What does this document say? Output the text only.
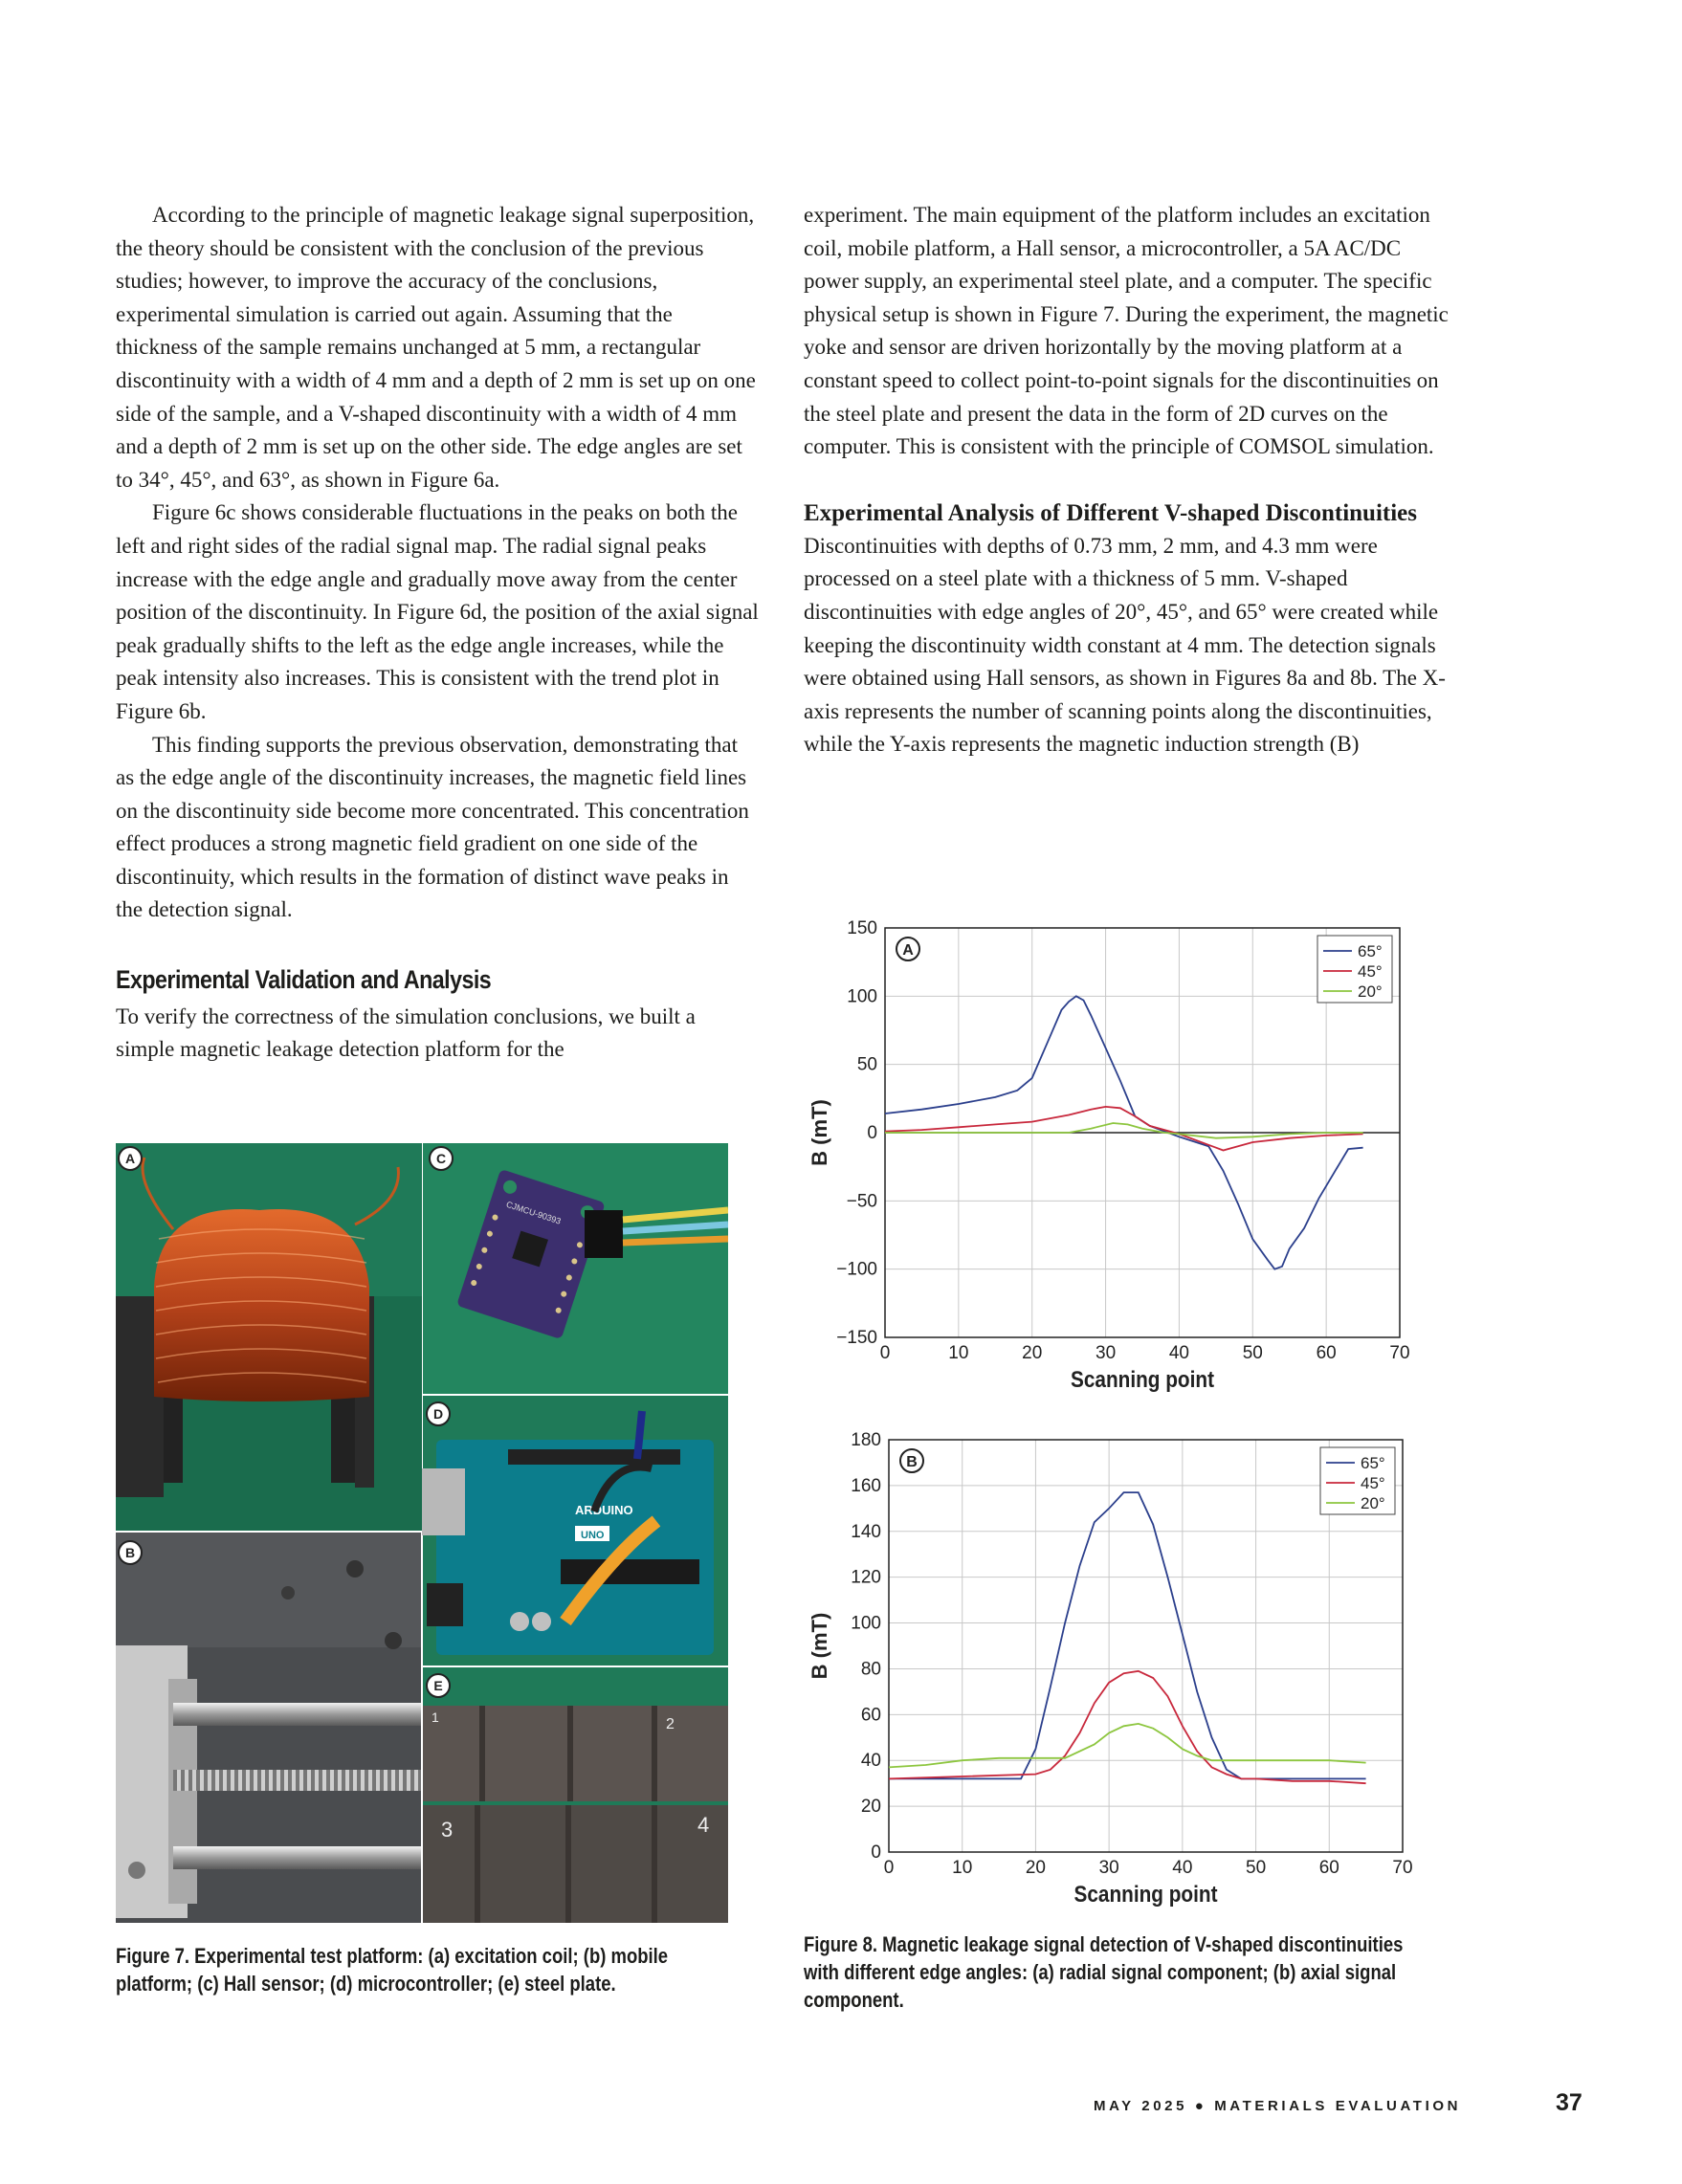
According to the principle of magnetic leakage signal superposition, the theory should be consistent with the conclusion of the previous studies; however, to improve the accuracy of the conclusions, experimental simulation is carried out again. Assuming that the thickness of the sample remains unchanged at 5 mm, a rectangular discontinuity with a width of 4 mm and a depth of 2 mm is set up on one side of the sample, and a V-shaped discontinuity with a width of 4 mm and a depth of 2 mm is set up on the other side. The edge angles are set to 34°, 45°, and 63°, as shown in Figure 6a.

Figure 6c shows considerable fluctuations in the peaks on both the left and right sides of the radial signal map. The radial signal peaks increase with the edge angle and gradually move away from the center position of the discontinuity. In Figure 6d, the position of the axial signal peak gradually shifts to the left as the edge angle increases, while the peak intensity also increases. This is consistent with the trend plot in Figure 6b.

This finding supports the previous observation, demonstrating that as the edge angle of the discontinuity increases, the magnetic field lines on the discontinuity side become more concentrated. This concentration effect produces a strong magnetic field gradient on one side of the discontinuity, which results in the formation of distinct wave peaks in the detection signal.

Experimental Validation and Analysis

To verify the correctness of the simulation conclusions, we built a simple magnetic leakage detection platform for the

experiment. The main equipment of the platform includes an excitation coil, mobile platform, a Hall sensor, a microcontroller, a 5A AC/DC power supply, an experimental steel plate, and a computer. The specific physical setup is shown in Figure 7. During the experiment, the magnetic yoke and sensor are driven horizontally by the moving platform at a constant speed to collect point-to-point signals for the discontinuities on the steel plate and present the data in the form of 2D curves on the computer. This is consistent with the principle of COMSOL simulation.

Experimental Analysis of Different V-shaped Discontinuities

Discontinuities with depths of 0.73 mm, 2 mm, and 4.3 mm were processed on a steel plate with a thickness of 5 mm. V-shaped discontinuities with edge angles of 20°, 45°, and 65° were created while keeping the discontinuity width constant at 4 mm. The detection signals were obtained using Hall sensors, as shown in Figures 8a and 8b. The X-axis represents the number of scanning points along the discontinuities, while the Y-axis represents the magnetic induction strength (B)

CJMCU-90393
ARDUINO
UNO
1	2
3	4
A
B
C
D
E
Figure 7. Experimental test platform: (a) excitation coil; (b) mobile platform; (c) Hall sensor; (d) microcontroller; (e) steel plate.
0	10	20	30	40	50	60	70
−150
−100
−50
0
50
100
150
Scanning point
B (mT)
65°
45°
20°
A
0	10	20	30	40	50	60	70
0
20
40
60
80
100
120
140
160
180
Scanning point
B (mT)
65°
45°
20°
B
Figure 8. Magnetic leakage signal detection of V-shaped discontinuities with different edge angles: (a) radial signal component; (b) axial signal component.
MAY 2025 ● MATERIALS EVALUATION	37
